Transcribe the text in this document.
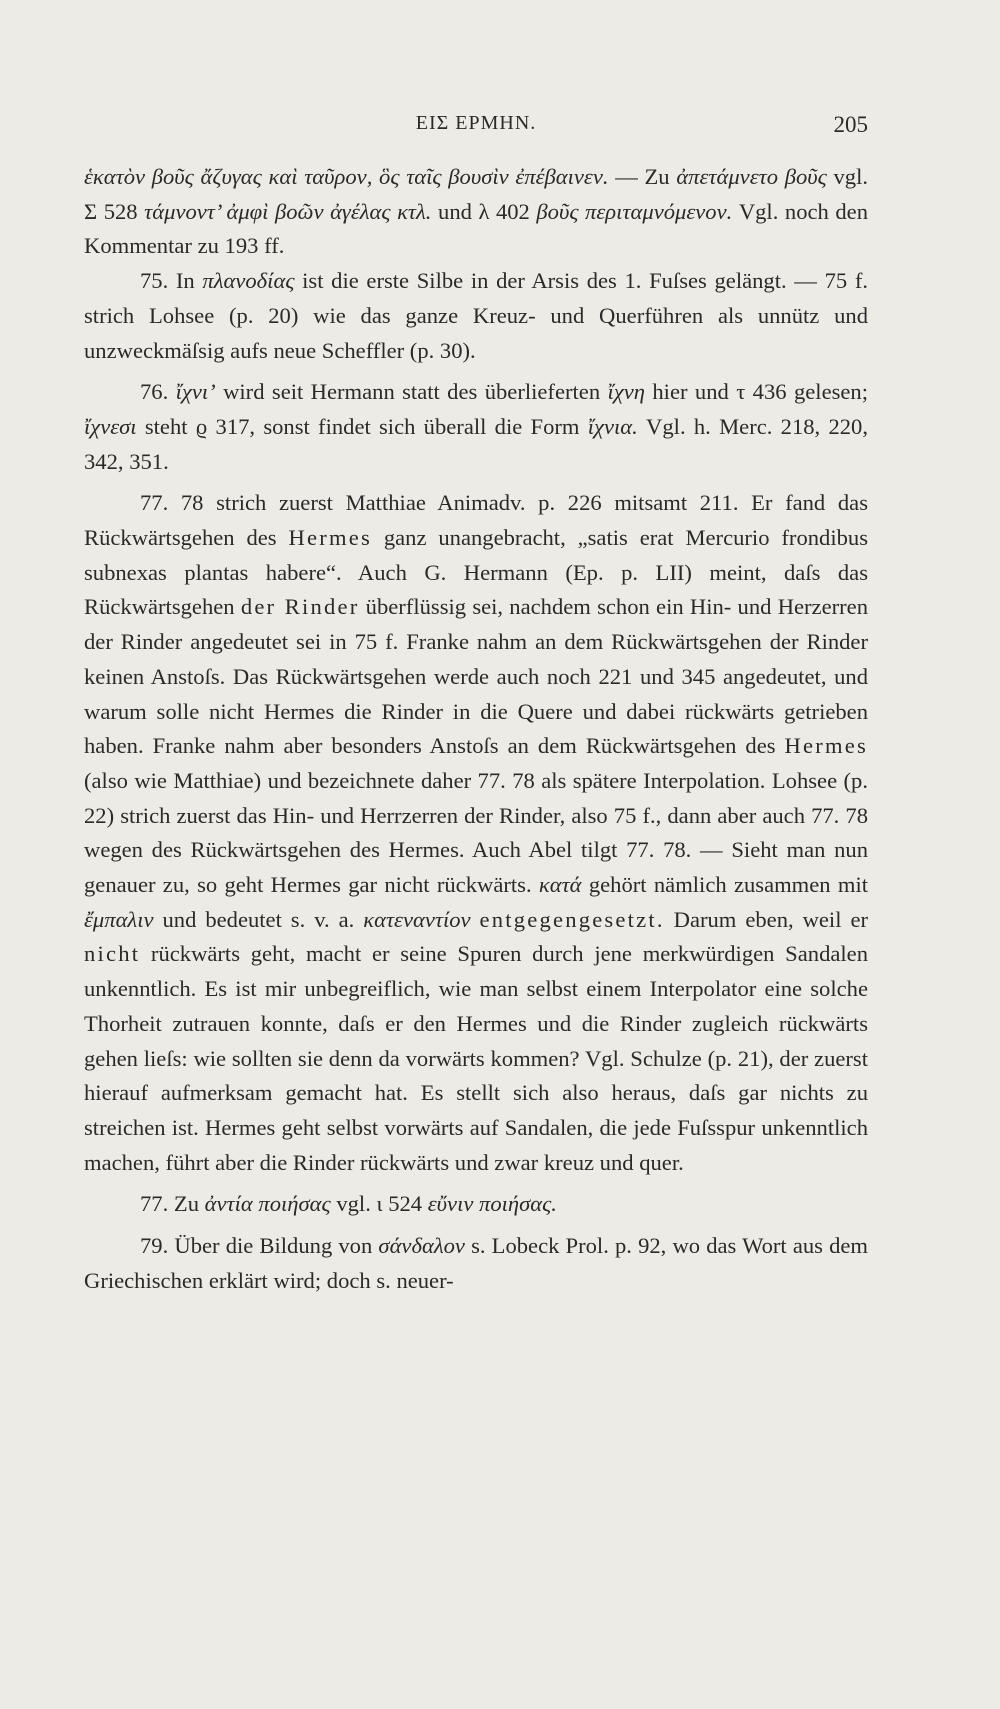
ΕΙΣ ΕΡΜΗΝ.	205

ἑκατὸν βοῦς ἄζυγας καὶ ταῦρον, ὃς ταῖς βουσὶν ἐπέβαινεν. — Zu ἀπετάμνετο βοῦς vgl. Σ 528 τάμνοντ’ ἀμφὶ βοῶν ἀγέλας κτλ. und λ 402 βοῦς περιταμνόμενον. Vgl. noch den Kommentar zu 193 ff.

75. In πλανοδίας ist die erste Silbe in der Arsis des 1. Fuſses gelängt. — 75 f. strich Lohsee (p. 20) wie das ganze Kreuz- und Querführen als unnütz und unzweckmäſsig aufs neue Scheffler (p. 30).

76. ἴχνι’ wird seit Hermann statt des überlieferten ἴχνη hier und τ 436 gelesen; ἴχνεσι steht ϱ 317, sonst findet sich überall die Form ἴχνια. Vgl. h. Merc. 218, 220, 342, 351.

77. 78 strich zuerst Matthiae Animadv. p. 226 mitsamt 211. Er fand das Rückwärtsgehen des Hermes ganz unangebracht, „satis erat Mercurio frondibus subnexas plantas habere“. Auch G. Hermann (Ep. p. LII) meint, daſs das Rückwärtsgehen der Rinder überflüssig sei, nachdem schon ein Hin- und Herzerren der Rinder angedeutet sei in 75 f. Franke nahm an dem Rückwärtsgehen der Rinder keinen Anstoſs. Das Rückwärtsgehen werde auch noch 221 und 345 angedeutet, und warum solle nicht Hermes die Rinder in die Quere und dabei rückwärts getrieben haben. Franke nahm aber besonders Anstoſs an dem Rückwärtsgehen des Hermes (also wie Matthiae) und bezeichnete daher 77. 78 als spätere Interpolation. Lohsee (p. 22) strich zuerst das Hin- und Herrzerren der Rinder, also 75 f., dann aber auch 77. 78 wegen des Rückwärtsgehen des Hermes. Auch Abel tilgt 77. 78. — Sieht man nun genauer zu, so geht Hermes gar nicht rückwärts. κατά gehört nämlich zusammen mit ἔμπαλιν und bedeutet s. v. a. κατεναντίον entgegengesetzt. Darum eben, weil er nicht rückwärts geht, macht er seine Spuren durch jene merkwürdigen Sandalen unkenntlich. Es ist mir unbegreiflich, wie man selbst einem Interpolator eine solche Thorheit zutrauen konnte, daſs er den Hermes und die Rinder zugleich rückwärts gehen lieſs: wie sollten sie denn da vorwärts kommen? Vgl. Schulze (p. 21), der zuerst hierauf aufmerksam gemacht hat. Es stellt sich also heraus, daſs gar nichts zu streichen ist. Hermes geht selbst vorwärts auf Sandalen, die jede Fuſsspur unkenntlich machen, führt aber die Rinder rückwärts und zwar kreuz und quer.

77. Zu ἀντία ποιήσας vgl. ι 524 εὔνιν ποιήσας.

79. Über die Bildung von σάνδαλον s. Lobeck Prol. p. 92, wo das Wort aus dem Griechischen erklärt wird; doch s. neuer-
